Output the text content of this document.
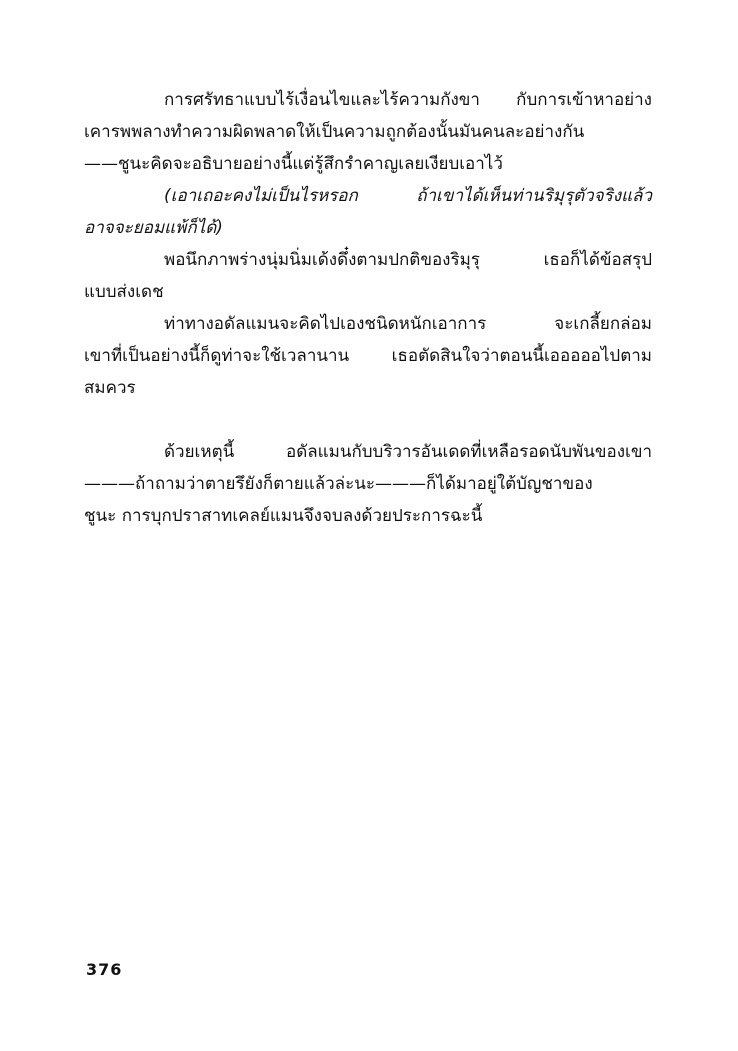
การศรัทธาแบบไร้เงื่อนไขและไร้ความกังขา กับการเข้าหาอย่าง
เคารพพลางทำความผิดพลาดให้เป็นความถูกต้องนั้นมันคนละอย่างกัน
——ชูนะคิดจะอธิบายอย่างนี้แต่รู้สึกรำคาญเลยเงียบเอาไว้
(เอาเถอะคงไม่เป็นไรหรอก ถ้าเขาได้เห็นท่านริมุรุตัวจริงแล้ว
อาจจะยอมแพ้ก็ได้)
พอนึกภาพร่างนุ่มนิ่มเด้งดึ๋งตามปกติของริมุรุ เธอก็ได้ข้อสรุป
แบบส่งเดช
ท่าทางอดัลแมนจะคิดไปเองชนิดหนักเอาการ จะเกลี้ยกล่อม
เขาที่เป็นอย่างนี้ก็ดูท่าจะใช้เวลานาน เธอตัดสินใจว่าตอนนี้เอออออไปตาม
สมควร
ด้วยเหตุนี้ อดัลแมนกับบริวารอันเดดที่เหลือรอดนับพันของเขา
———ถ้าถามว่าตายรึยังก็ตายแล้วล่ะนะ———ก็ได้มาอยู่ใต้บัญชาของ
ชูนะ การบุกปราสาทเคลย์แมนจึงจบลงด้วยประการฉะนี้
376
